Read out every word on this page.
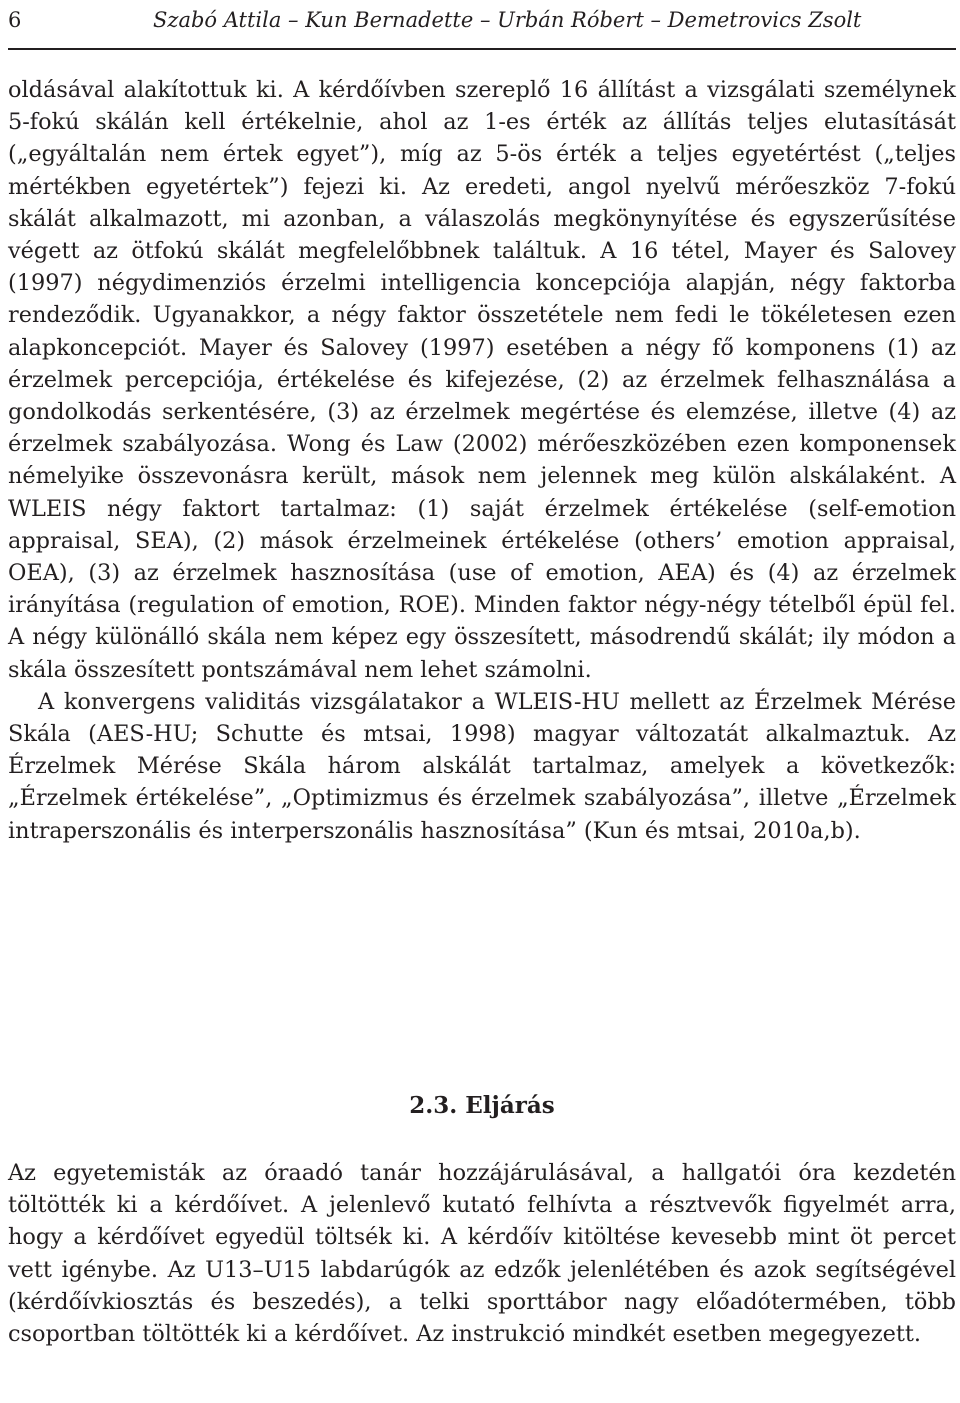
6	Szabó Attila – Kun Bernadette – Urbán Róbert – Demetrovics Zsolt

oldásával alakítottuk ki. A kérdőívben szereplő 16 állítást a vizsgálati személynek 5-fokú skálán kell értékelnie, ahol az 1-es érték az állítás teljes elutasítását („egyáltalán nem értek egyet”), míg az 5-ös érték a teljes egyetértést („teljes mértékben egyetértek”) fejezi ki. Az eredeti, angol nyelvű mérőeszköz 7-fokú skálát alkalmazott, mi azonban, a válaszolás megkönynyítése és egyszerűsítése végett az ötfokú skálát megfelelőbbnek találtuk. A 16 tétel, Mayer és Salovey (1997) négydimenziós érzelmi intelligencia koncepciója alapján, négy faktorba rendeződik. Ugyanakkor, a négy faktor összetétele nem fedi le tökéletesen ezen alapkoncepciót. Mayer és Salovey (1997) esetében a négy fő komponens (1) az érzelmek percepciója, értékelése és kifejezése, (2) az érzelmek felhasználása a gondolkodás serkentésére, (3) az érzelmek megértése és elemzése, illetve (4) az érzelmek szabályozása. Wong és Law (2002) mérőeszközében ezen komponensek némelyike összevonásra került, mások nem jelennek meg külön alskálaként. A WLEIS négy faktort tartalmaz: (1) saját érzelmek értékelése (self-emotion appraisal, SEA), (2) mások érzelmeinek értékelése (others’ emotion appraisal, OEA), (3) az érzelmek hasznosítása (use of emotion, AEA) és (4) az érzelmek irányítása (regulation of emotion, ROE). Minden faktor négy-négy tételből épül fel. A négy különálló skála nem képez egy összesített, másodrendű skálát; ily módon a skála összesített pontszámával nem lehet számolni.

A konvergens validitás vizsgálatakor a WLEIS-HU mellett az Érzelmek Mérése Skála (AES-HU; Schutte és mtsai, 1998) magyar változatát alkalmaztuk. Az Érzelmek Mérése Skála három alskálát tartalmaz, amelyek a következők: „Érzelmek értékelése”, „Optimizmus és érzelmek szabályozása”, illetve „Érzelmek intraperszonális és interperszonális hasznosítása” (Kun és mtsai, 2010a,b).

2.3. Eljárás

Az egyetemisták az óraadó tanár hozzájárulásával, a hallgatói óra kezdetén töltötték ki a kérdőívet. A jelenlevő kutató felhívta a résztvevők figyelmét arra, hogy a kérdőívet egyedül töltsék ki. A kérdőív kitöltése kevesebb mint öt percet vett igénybe. Az U13–U15 labdarúgók az edzők jelenlétében és azok segítségével (kérdőívkiosztás és beszedés), a telki sporttábor nagy előadótermében, több csoportban töltötték ki a kérdőívet. Az instrukció mindkét esetben megegyezett.
